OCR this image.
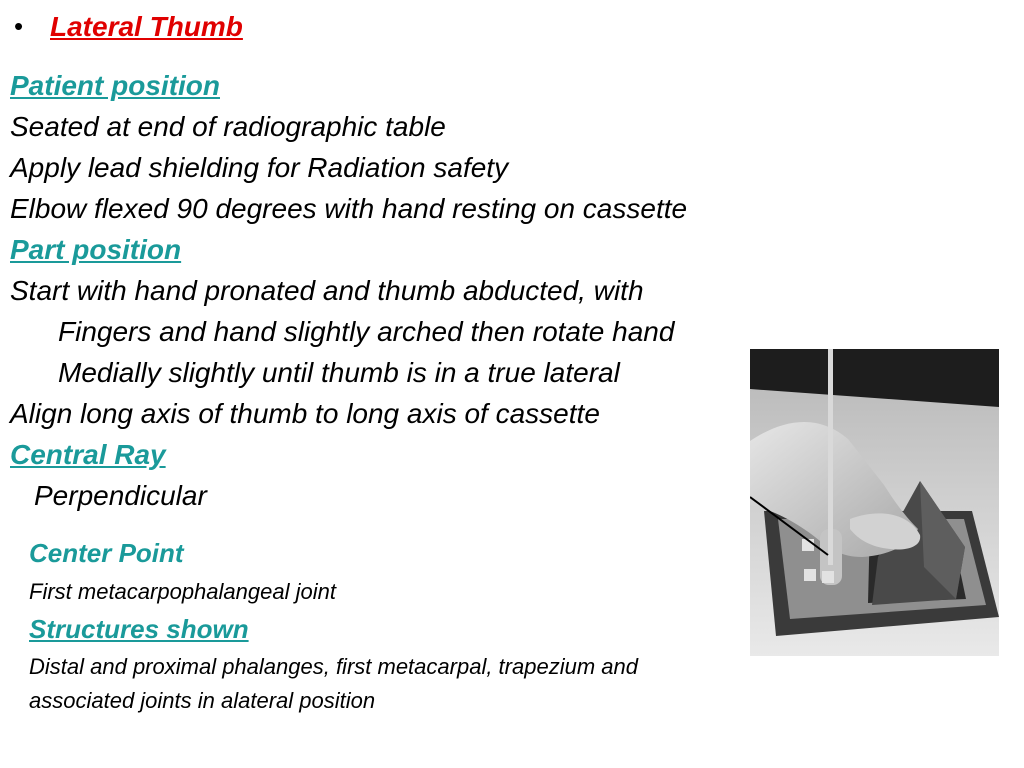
• Lateral Thumb
Patient position
Seated at end of radiographic table
Apply lead shielding for Radiation safety
Elbow flexed 90 degrees with hand resting on cassette
Part position
Start with hand pronated and thumb abducted, with
Fingers and hand slightly arched then rotate hand
Medially slightly until thumb is in a true lateral
Align long axis of thumb to long axis of cassette
Central Ray
Perpendicular
Center Point
First metacarpophalangeal joint
Structures shown
Distal and proximal phalanges, first metacarpal, trapezium and
associated joints in alateral position
